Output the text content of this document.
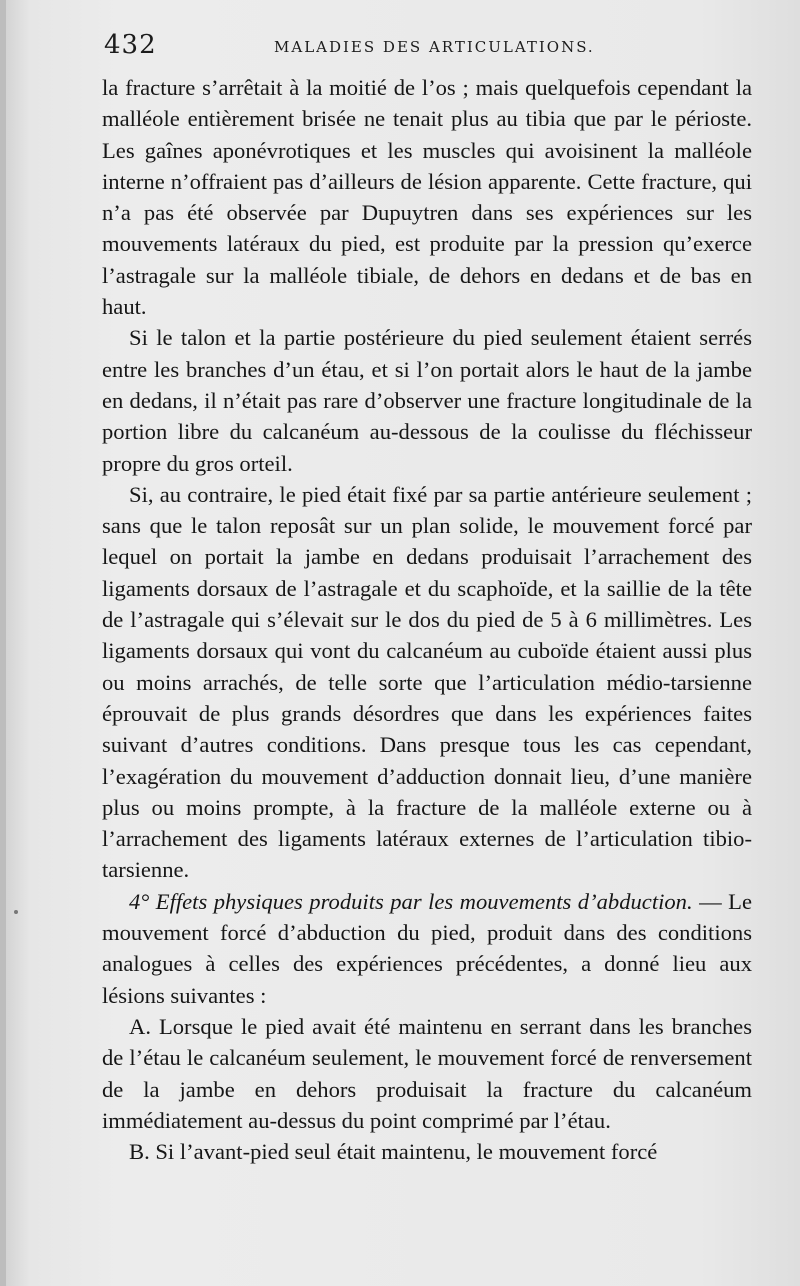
432	MALADIES DES ARTICULATIONS.

la fracture s’arrêtait à la moitié de l’os ; mais quelquefois cependant la malléole entièrement brisée ne tenait plus au tibia que par le périoste. Les gaînes aponévrotiques et les muscles qui avoisinent la malléole interne n’offraient pas d’ailleurs de lésion apparente. Cette fracture, qui n’a pas été observée par Dupuytren dans ses expériences sur les mouvements latéraux du pied, est produite par la pression qu’exerce l’astragale sur la malléole tibiale, de dehors en dedans et de bas en haut.

Si le talon et la partie postérieure du pied seulement étaient serrés entre les branches d’un étau, et si l’on portait alors le haut de la jambe en dedans, il n’était pas rare d’observer une fracture longitudinale de la portion libre du calcanéum au-dessous de la coulisse du fléchisseur propre du gros orteil.

Si, au contraire, le pied était fixé par sa partie antérieure seulement ; sans que le talon reposât sur un plan solide, le mouvement forcé par lequel on portait la jambe en dedans produisait l’arrachement des ligaments dorsaux de l’astragale et du scaphoïde, et la saillie de la tête de l’astragale qui s’élevait sur le dos du pied de 5 à 6 millimètres. Les ligaments dorsaux qui vont du calcanéum au cuboïde étaient aussi plus ou moins arrachés, de telle sorte que l’articulation médio-tarsienne éprouvait de plus grands désordres que dans les expériences faites suivant d’autres conditions. Dans presque tous les cas cependant, l’exagération du mouvement d’adduction donnait lieu, d’une manière plus ou moins prompte, à la fracture de la malléole externe ou à l’arrachement des ligaments latéraux externes de l’articulation tibio-tarsienne.

4° Effets physiques produits par les mouvements d’abduction. — Le mouvement forcé d’abduction du pied, produit dans des conditions analogues à celles des expériences précédentes, a donné lieu aux lésions suivantes :

A. Lorsque le pied avait été maintenu en serrant dans les branches de l’étau le calcanéum seulement, le mouvement forcé de renversement de la jambe en dehors produisait la fracture du calcanéum immédiatement au-dessus du point comprimé par l’étau.

B. Si l’avant-pied seul était maintenu, le mouvement forcé
